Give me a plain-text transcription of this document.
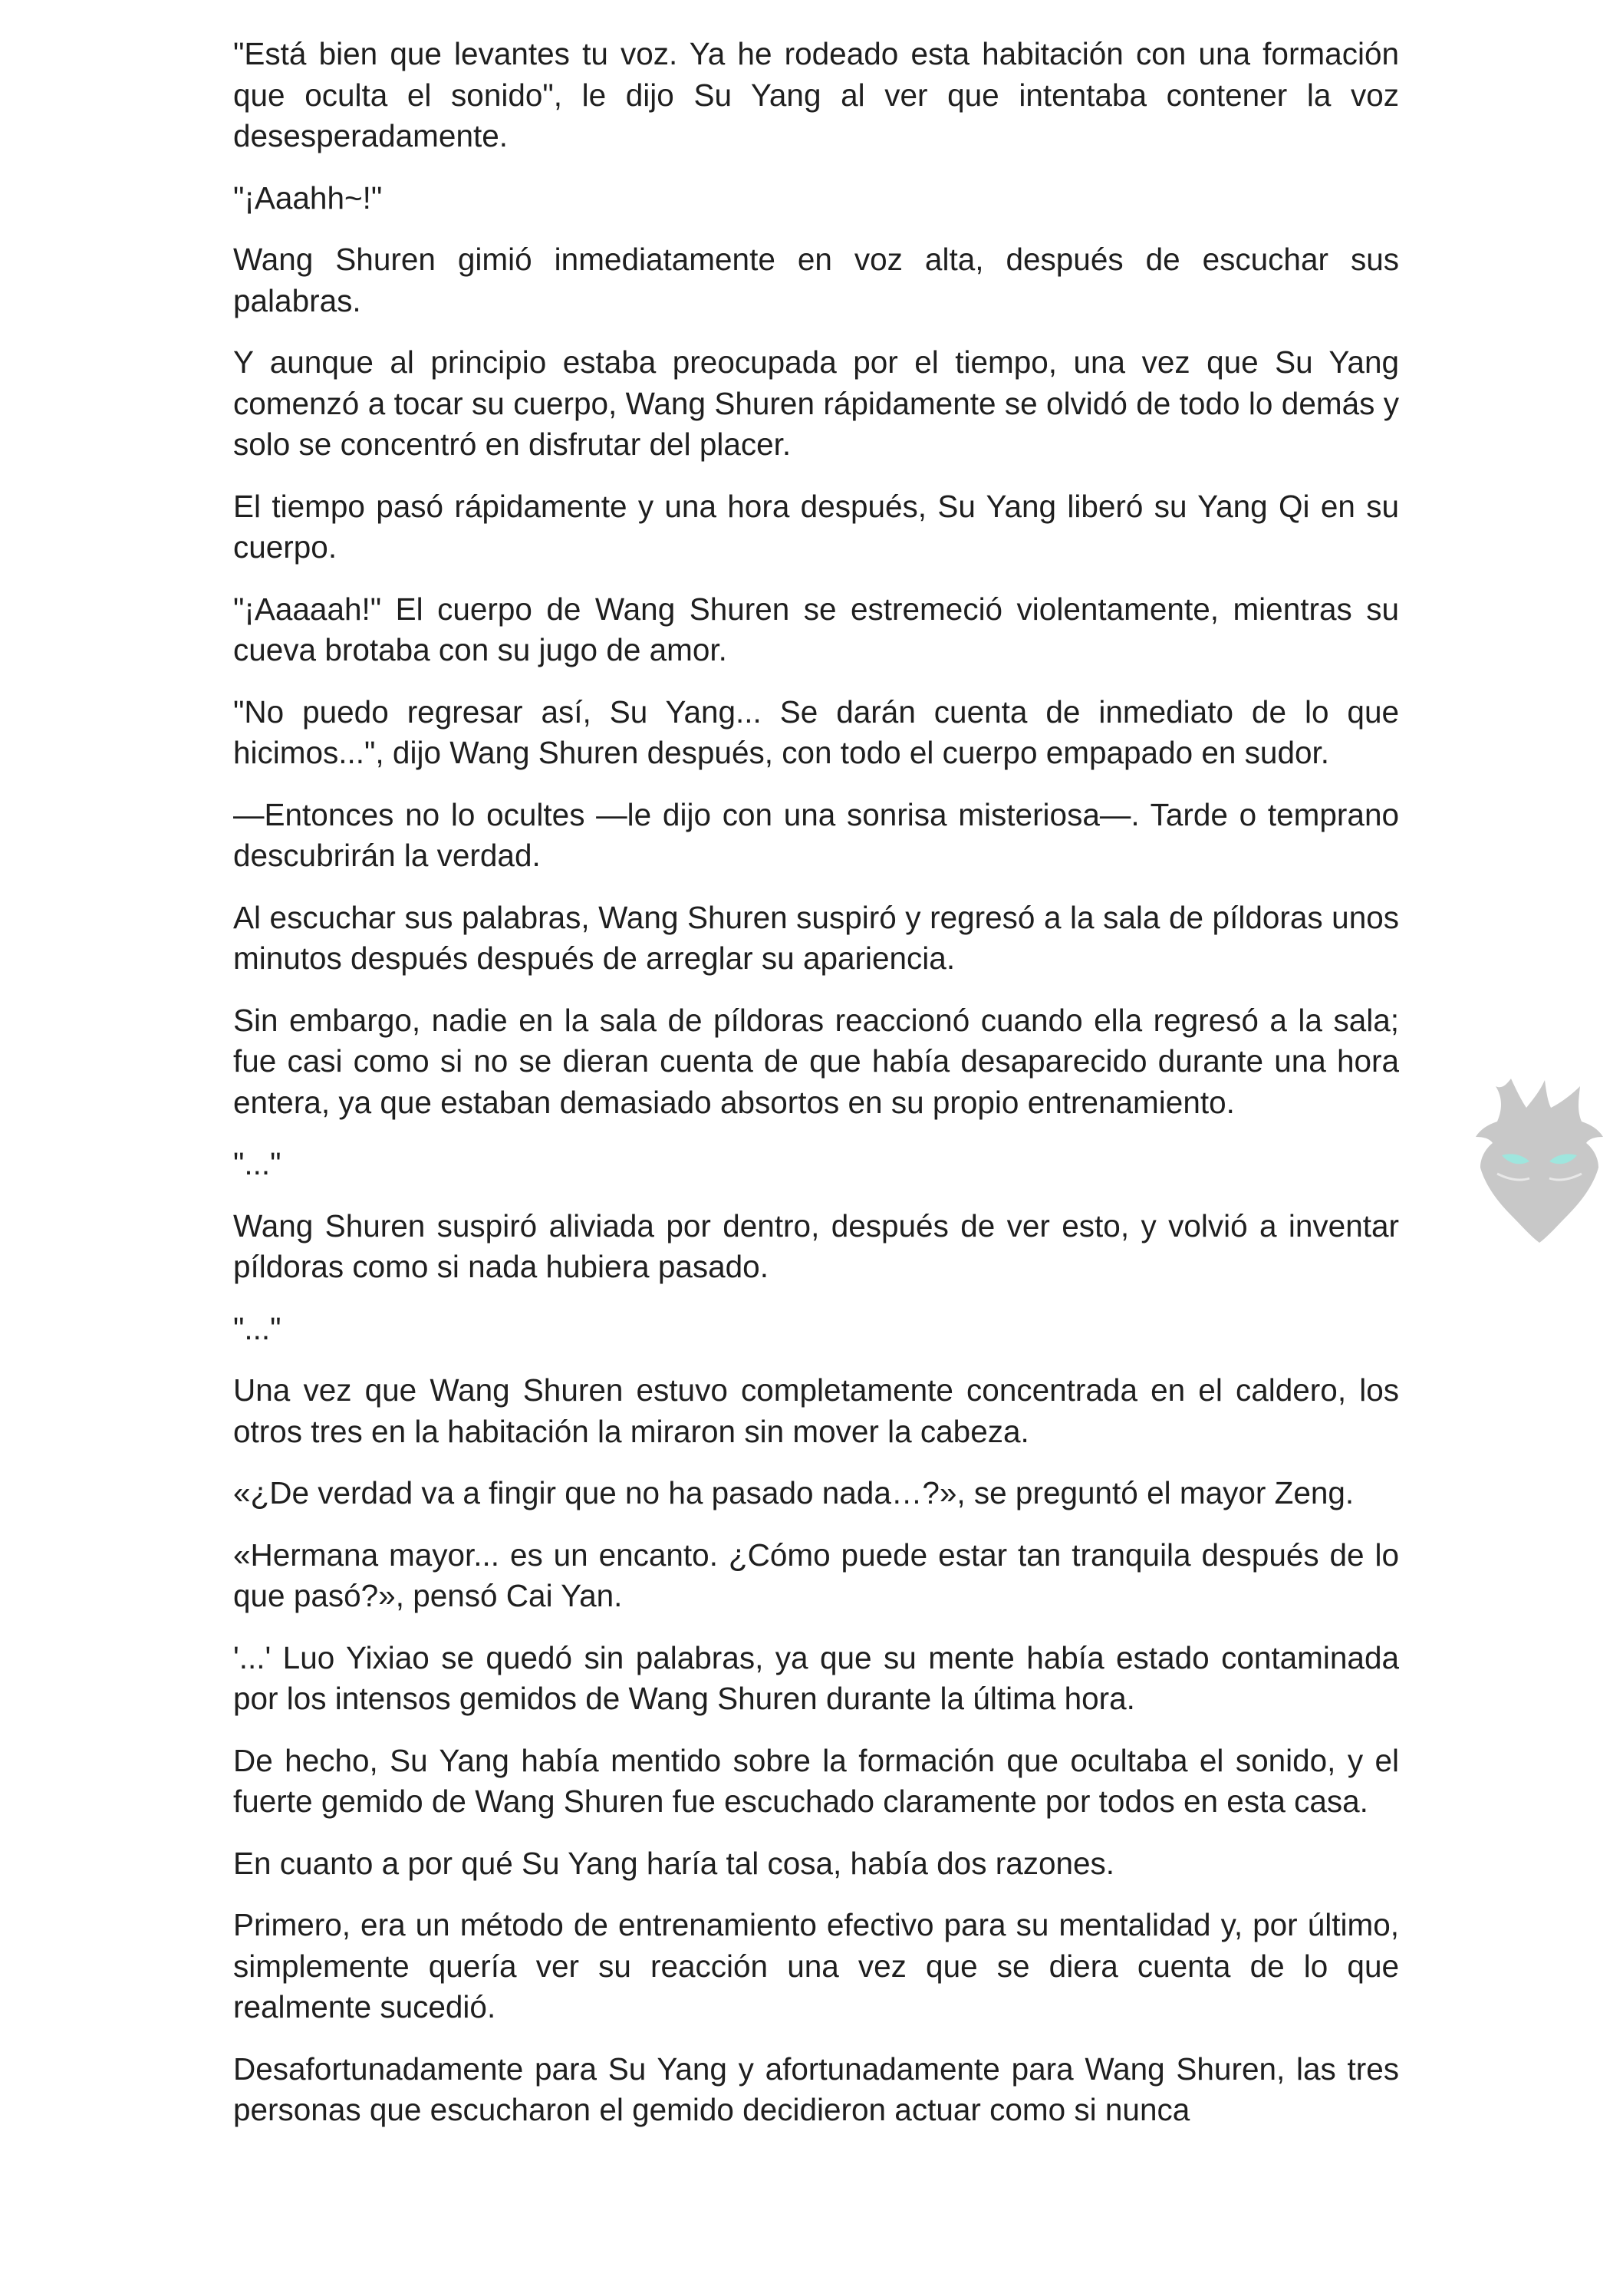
"Está bien que levantes tu voz. Ya he rodeado esta habitación con una formación que oculta el sonido", le dijo Su Yang al ver que intentaba contener la voz desesperadamente.

"¡Aaahh~!"

Wang Shuren gimió inmediatamente en voz alta, después de escuchar sus palabras.

Y aunque al principio estaba preocupada por el tiempo, una vez que Su Yang comenzó a tocar su cuerpo, Wang Shuren rápidamente se olvidó de todo lo demás y solo se concentró en disfrutar del placer.

El tiempo pasó rápidamente y una hora después, Su Yang liberó su Yang Qi en su cuerpo.

"¡Aaaaah!" El cuerpo de Wang Shuren se estremeció violentamente, mientras su cueva brotaba con su jugo de amor.

"No puedo regresar así, Su Yang... Se darán cuenta de inmediato de lo que hicimos...", dijo Wang Shuren después, con todo el cuerpo empapado en sudor.

—Entonces no lo ocultes —le dijo con una sonrisa misteriosa—. Tarde o temprano descubrirán la verdad.

Al escuchar sus palabras, Wang Shuren suspiró y regresó a la sala de píldoras unos minutos después después de arreglar su apariencia.

Sin embargo, nadie en la sala de píldoras reaccionó cuando ella regresó a la sala; fue casi como si no se dieran cuenta de que había desaparecido durante una hora entera, ya que estaban demasiado absortos en su propio entrenamiento.

"..."

Wang Shuren suspiró aliviada por dentro, después de ver esto, y volvió a inventar píldoras como si nada hubiera pasado.

"..."

Una vez que Wang Shuren estuvo completamente concentrada en el caldero, los otros tres en la habitación la miraron sin mover la cabeza.

«¿De verdad va a fingir que no ha pasado nada…?», se preguntó el mayor Zeng.

«Hermana mayor... es un encanto. ¿Cómo puede estar tan tranquila después de lo que pasó?», pensó Cai Yan.

'...' Luo Yixiao se quedó sin palabras, ya que su mente había estado contaminada por los intensos gemidos de Wang Shuren durante la última hora.

De hecho, Su Yang había mentido sobre la formación que ocultaba el sonido, y el fuerte gemido de Wang Shuren fue escuchado claramente por todos en esta casa.

En cuanto a por qué Su Yang haría tal cosa, había dos razones.

Primero, era un método de entrenamiento efectivo para su mentalidad y, por último, simplemente quería ver su reacción una vez que se diera cuenta de lo que realmente sucedió.

Desafortunadamente para Su Yang y afortunadamente para Wang Shuren, las tres personas que escucharon el gemido decidieron actuar como si nunca
